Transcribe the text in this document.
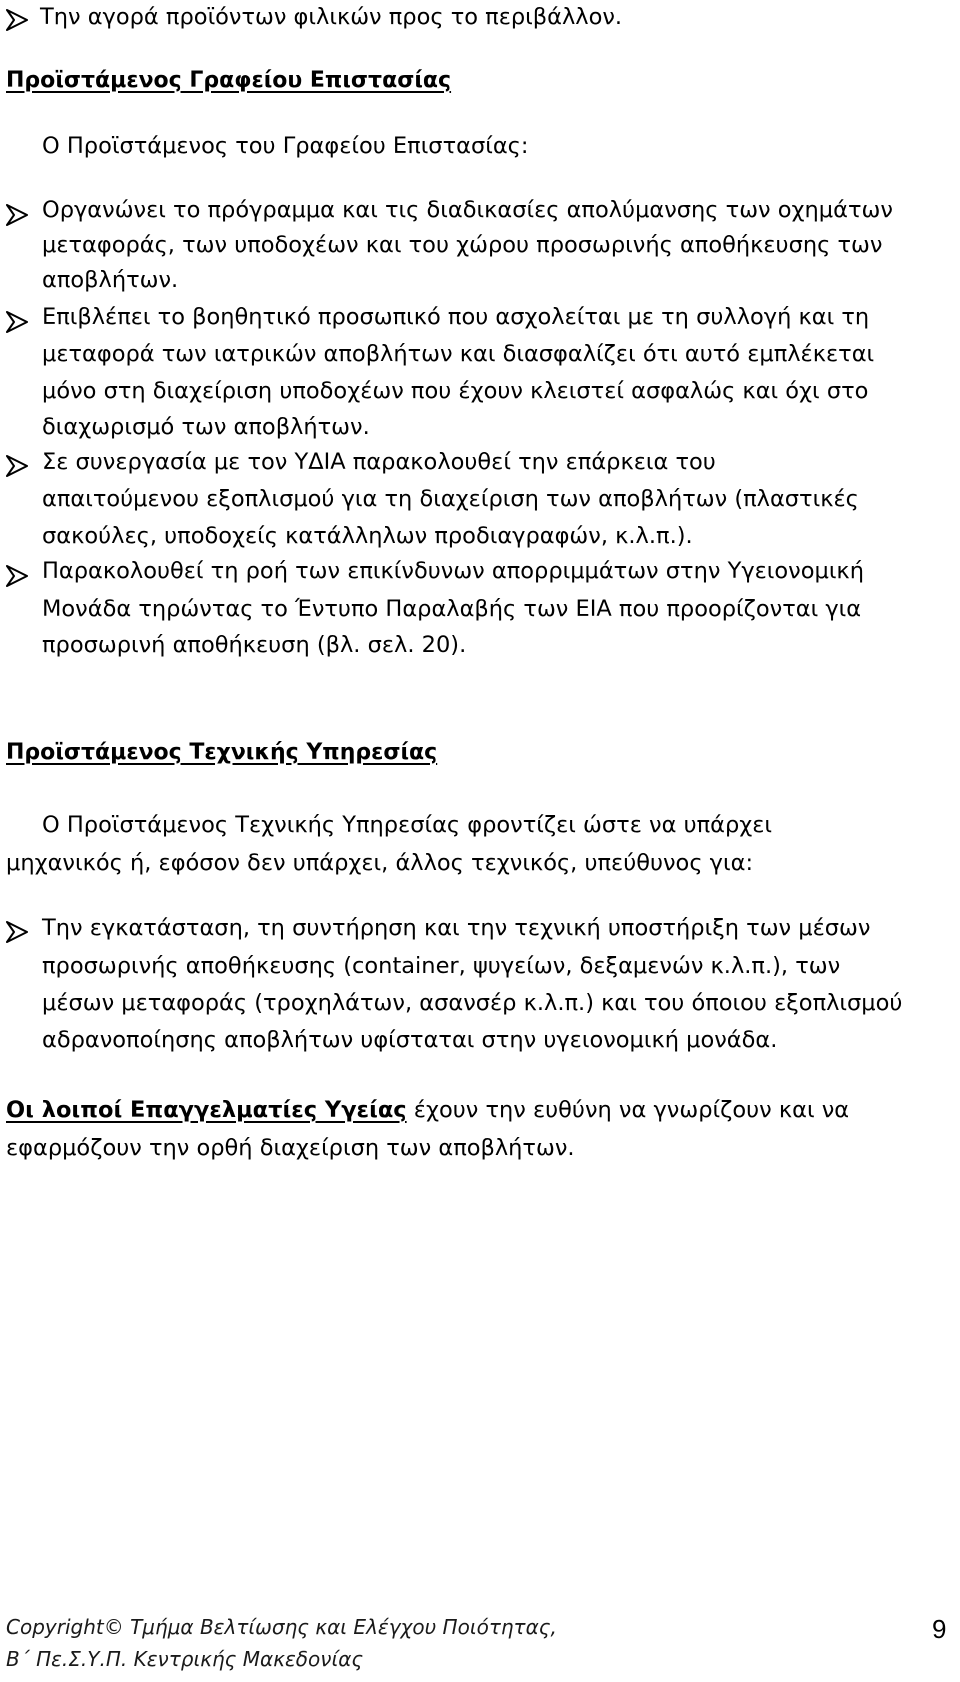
Την αγορά προϊόντων φιλικών προς το περιβάλλον.
Προϊστάμενος Γραφείου Επιστασίας
Ο Προϊστάμενος του Γραφείου Επιστασίας:
Οργανώνει το πρόγραμμα και τις διαδικασίες απολύμανσης των οχημάτων
μεταφοράς, των υποδοχέων και του χώρου προσωρινής αποθήκευσης των
αποβλήτων.
Επιβλέπει το βοηθητικό προσωπικό που ασχολείται με τη συλλογή και τη
μεταφορά των ιατρικών αποβλήτων και διασφαλίζει ότι αυτό εμπλέκεται
μόνο στη διαχείριση υποδοχέων που έχουν κλειστεί ασφαλώς και όχι στο
διαχωρισμό των αποβλήτων.
Σε συνεργασία με τον ΥΔΙΑ παρακολουθεί την επάρκεια του
απαιτούμενου εξοπλισμού για τη διαχείριση των αποβλήτων (πλαστικές
σακούλες, υποδοχείς κατάλληλων προδιαγραφών, κ.λ.π.).
Παρακολουθεί τη ροή των επικίνδυνων απορριμμάτων στην Υγειονομική
Μονάδα τηρώντας το Έντυπο Παραλαβής των ΕΙΑ που προορίζονται για
προσωρινή αποθήκευση (βλ. σελ. 20).
Προϊστάμενος Τεχνικής Υπηρεσίας
Ο Προϊστάμενος Τεχνικής Υπηρεσίας φροντίζει ώστε να υπάρχει
μηχανικός ή, εφόσον δεν υπάρχει, άλλος τεχνικός, υπεύθυνος για:
Την εγκατάσταση, τη συντήρηση και την τεχνική υποστήριξη των μέσων
προσωρινής αποθήκευσης (container, ψυγείων, δεξαμενών κ.λ.π.), των
μέσων μεταφοράς (τροχηλάτων, ασανσέρ κ.λ.π.) και του όποιου εξοπλισμού
αδρανοποίησης αποβλήτων υφίσταται στην υγειονομική μονάδα.
Οι λοιποί Επαγγελματίες Υγείας έχουν την ευθύνη να γνωρίζουν και να
εφαρμόζουν την ορθή διαχείριση των αποβλήτων.
Copyright© Τμήμα Βελτίωσης και Ελέγχου Ποιότητας,
Β΄ Πε.Σ.Υ.Π. Κεντρικής Μακεδονίας
9
